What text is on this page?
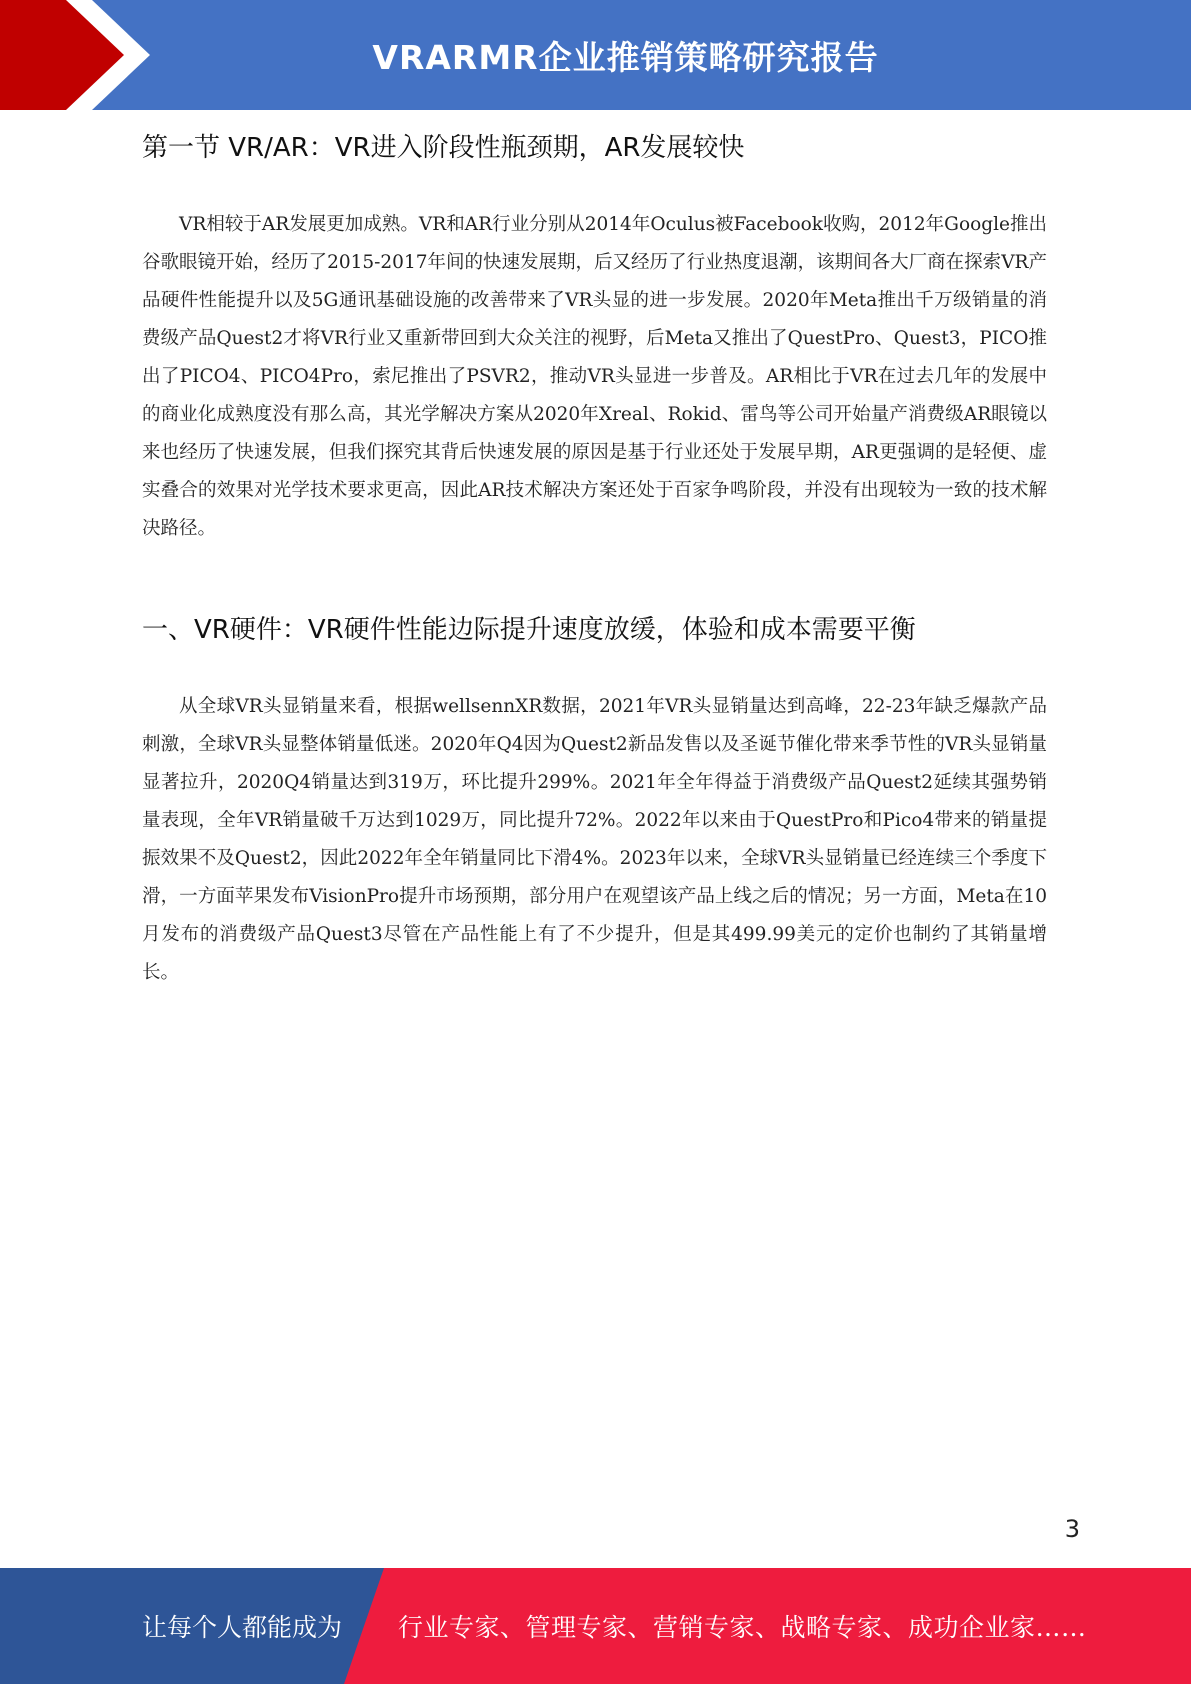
VRARMR企业推销策略研究报告
第一节 VR/AR：VR进入阶段性瓶颈期，AR发展较快

VR相较于AR发展更加成熟。VR和AR行业分别从2014年Oculus被Facebook收购，2012年Google推出谷歌眼镜开始，经历了2015-2017年间的快速发展期，后又经历了行业热度退潮，该期间各大厂商在探索VR产品硬件性能提升以及5G通讯基础设施的改善带来了VR头显的进一步发展。2020年Meta推出千万级销量的消费级产品Quest2才将VR行业又重新带回到大众关注的视野，后Meta又推出了QuestPro、Quest3，PICO推出了PICO4、PICO4Pro，索尼推出了PSVR2，推动VR头显进一步普及。AR相比于VR在过去几年的发展中的商业化成熟度没有那么高，其光学解决方案从2020年Xreal、Rokid、雷鸟等公司开始量产消费级AR眼镜以来也经历了快速发展，但我们探究其背后快速发展的原因是基于行业还处于发展早期，AR更强调的是轻便、虚实叠合的效果对光学技术要求更高，因此AR技术解决方案还处于百家争鸣阶段，并没有出现较为一致的技术解决路径。

一、VR硬件：VR硬件性能边际提升速度放缓，体验和成本需要平衡

从全球VR头显销量来看，根据wellsennXR数据，2021年VR头显销量达到高峰，22-23年缺乏爆款产品刺激，全球VR头显整体销量低迷。2020年Q4因为Quest2新品发售以及圣诞节催化带来季节性的VR头显销量显著拉升，2020Q4销量达到319万，环比提升299%。2021年全年得益于消费级产品Quest2延续其强势销量表现，全年VR销量破千万达到1029万，同比提升72%。2022年以来由于QuestPro和Pico4带来的销量提振效果不及Quest2，因此2022年全年销量同比下滑4%。2023年以来，全球VR头显销量已经连续三个季度下滑，一方面苹果发布VisionPro提升市场预期，部分用户在观望该产品上线之后的情况；另一方面，Meta在10月发布的消费级产品Quest3尽管在产品性能上有了不少提升，但是其499.99美元的定价也制约了其销量增长。

3
让每个人都能成为 行业专家、管理专家、营销专家、战略专家、成功企业家……
